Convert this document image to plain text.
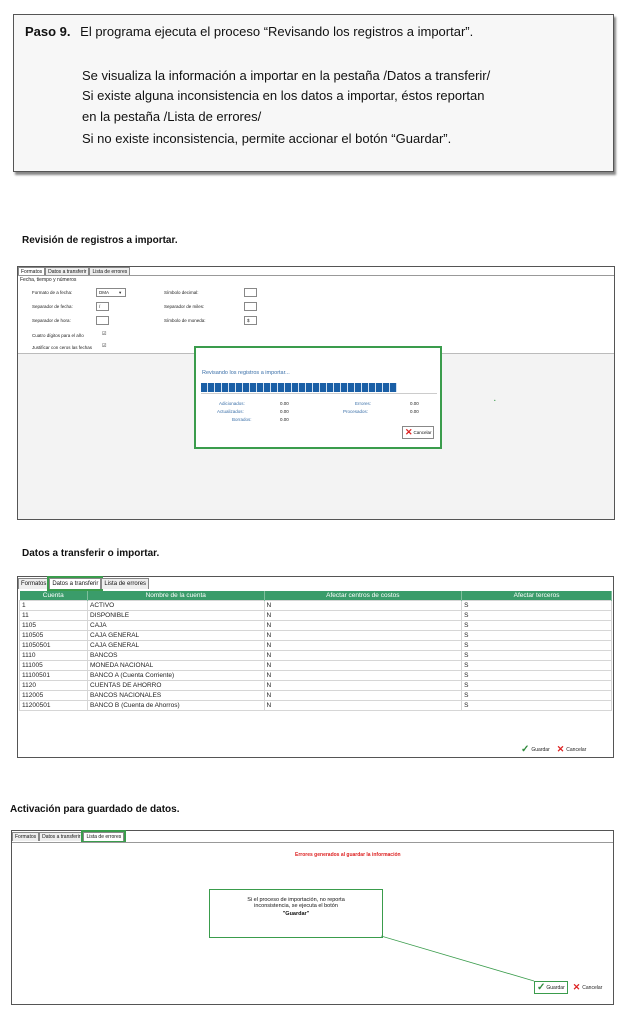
Paso 9. El programa ejecuta el proceso “Revisando los registros a importar”.
Se visualiza la información a importar en la pestaña /Datos a transferir/
Si existe alguna inconsistencia en los datos a importar, éstos reportan
en la pestaña /Lista de errores/
Si no existe inconsistencia, permite accionar el botón “Guardar”.
Revisión de registros a importar.
Formatos	Datos a transferir	Lista de errores
Fecha, tiempo y números
Formato de a fecha:	DMA ▾
Separador de fecha:	/
Separador de hora:
Cuatro dígitos para el año	☑
Justificar con ceros las fechas ☑
Símbolo decimal:
Separador de miles:
Símbolo de moneda:	$
•
Revisando los registros a importar...
Adicionados:	0.00
Actualizados:	0.00
Borrados:	0.00
Errores:	0.00
Procesados:	0.00
✕ Cancelar
Datos a transferir o importar.
Formatos	Datos a transferir	Lista de errores
Cuenta	Nombre de la cuenta	Afectar centros de costos	Afectar terceros
1	ACTIVO	N	S
11	DISPONIBLE	N	S
1105	CAJA	N	S
110505	CAJA GENERAL	N	S
11050501	CAJA GENERAL	N	S
1110	BANCOS	N	S
111005	MONEDA NACIONAL	N	S
11100501	BANCO A (Cuenta Corriente)	N	S
1120	CUENTAS DE AHORRO	N	S
112005	BANCOS NACIONALES	N	S
11200501	BANCO B (Cuenta de Ahorros)	N	S
✓ Guardar ✕ Cancelar
Activación para guardado de datos.
Formatos	Datos a transferir	Lista de errores
Errores generados al guardar la información
Si el proceso de importación, no reporta
inconsistencia, se ejecuta el botón
"Guardar"
✓ Guardar ✕ Cancelar
